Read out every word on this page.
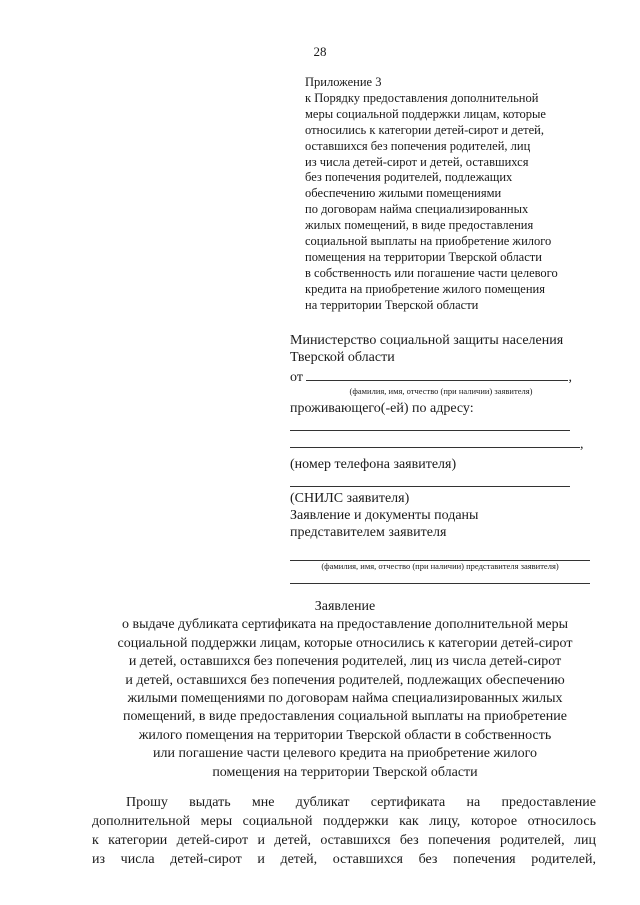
28
Приложение 3
к Порядку предоставления дополнительной
меры социальной поддержки лицам, которые
относились к категории детей-сирот и детей,
оставшихся без попечения родителей, лиц
из числа детей-сирот и детей, оставшихся
без попечения родителей, подлежащих
обеспечению жилыми помещениями
по договорам найма специализированных
жилых помещений, в виде предоставления
социальной выплаты на приобретение жилого
помещения на территории Тверской области
в собственность или погашение части целевого
кредита на приобретение жилого помещения
на территории Тверской области
Министерство социальной защиты населения
Тверской области
от	,
(фамилия, имя, отчество (при наличии) заявителя)
проживающего(-ей) по адресу:
,
(номер телефона заявителя)
(СНИЛС заявителя)
Заявление и документы поданы
представителем заявителя
(фамилия, имя, отчество (при наличии) представителя заявителя)
Заявление
о выдаче дубликата сертификата на предоставление дополнительной меры
социальной поддержки лицам, которые относились к категории детей-сирот
и детей, оставшихся без попечения родителей, лиц из числа детей-сирот
и детей, оставшихся без попечения родителей, подлежащих обеспечению
жилыми помещениями по договорам найма специализированных жилых
помещений, в виде предоставления социальной выплаты на приобретение
жилого помещения на территории Тверской области в собственность
или погашение части целевого кредита на приобретение жилого
помещения на территории Тверской области
Прошу выдать мне дубликат сертификата на предоставление
дополнительной меры социальной поддержки как лицу, которое относилось
к категории детей-сирот и детей, оставшихся без попечения родителей, лиц
из числа детей-сирот и детей, оставшихся без попечения родителей,
